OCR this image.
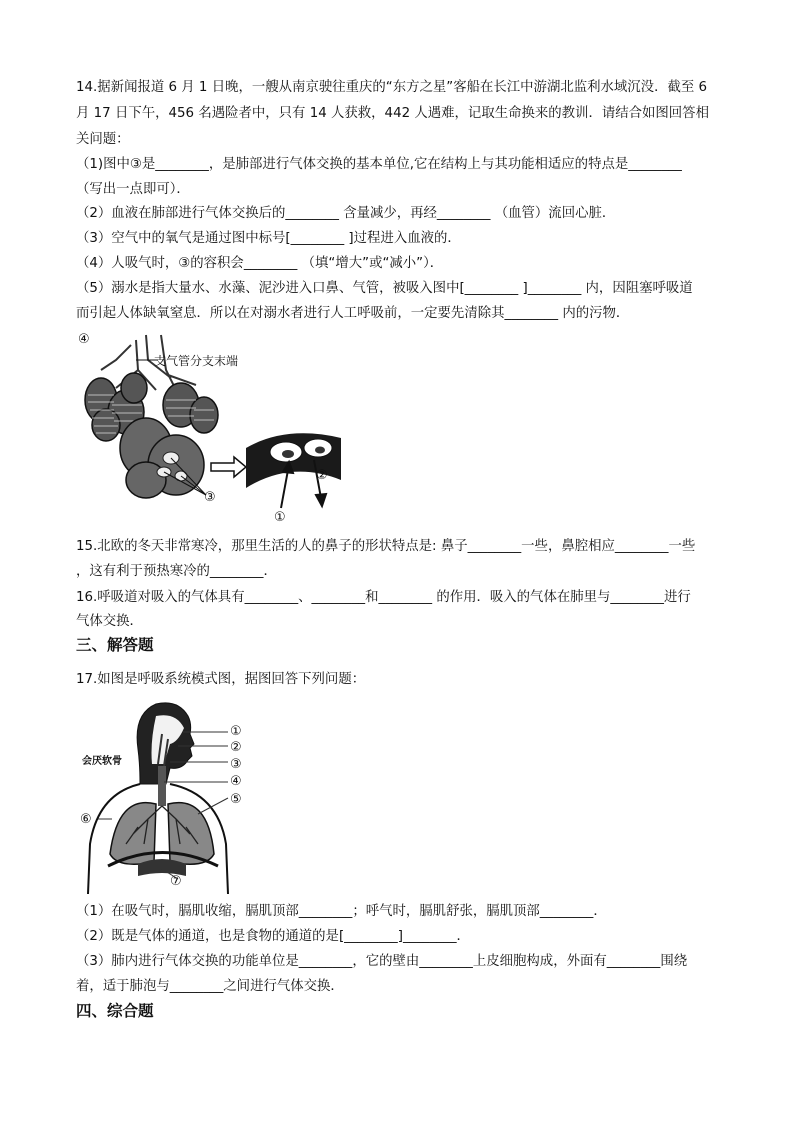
14.据新闻报道 6 月 1 日晚，一艘从南京驶往重庆的“东方之星”客船在长江中游湖北监利水域沉没．截至 6
月 17 日下午，456 名遇险者中，只有 14 人获救，442 人遇难，记取生命换来的教训．请结合如图回答相
关问题：
（1)图中③是________，是肺部进行气体交换的基本单位,它在结构上与其功能相适应的特点是________
（写出一点即可）．
（2）血液在肺部进行气体交换后的________ 含量减少，再经________ （血管）流回心脏．
（3）空气中的氧气是通过图中标号[________ ]过程进入血液的．
（4）人吸气时，③的容积会________ （填“增大”或“减小”）．
（5）溺水是指大量水、水藻、泥沙进入口鼻、气管，被吸入图中[________ ]________ 内，因阻塞呼吸道
而引起人体缺氧窒息．所以在对溺水者进行人工呼吸前，一定要先清除其________ 内的污物．
支气管分支末端
④
③
①
②
15.北欧的冬天非常寒冷，那里生活的人的鼻子的形状特点是: 鼻子________一些，鼻腔相应________一些
，这有利于预热寒冷的________．
16.呼吸道对吸入的气体具有________、________和________ 的作用．吸入的气体在肺里与________进行
气体交换．
三、解答题
17.如图是呼吸系统模式图，据图回答下列问题：
会厌软骨
①
②
③
④
⑤
⑥
⑦
（1）在吸气时，膈肌收缩，膈肌顶部________；呼气时，膈肌舒张，膈肌顶部________．
（2）既是气体的通道，也是食物的通道的是[________]________．
（3）肺内进行气体交换的功能单位是________，它的壁由________上皮细胞构成，外面有________围绕
着，适于肺泡与________之间进行气体交换．
四、综合题
